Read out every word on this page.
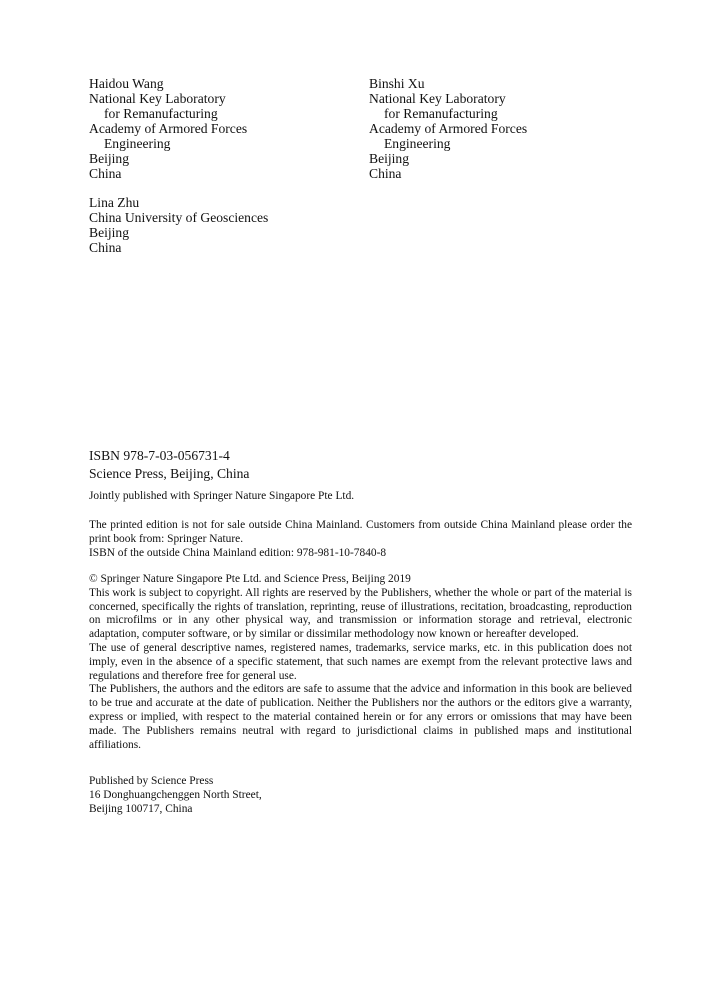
Haidou Wang
National Key Laboratory
for Remanufacturing
Academy of Armored Forces
Engineering
Beijing
China
Binshi Xu
National Key Laboratory
for Remanufacturing
Academy of Armored Forces
Engineering
Beijing
China
Lina Zhu
China University of Geosciences
Beijing
China
ISBN 978-7-03-056731-4
Science Press, Beijing, China
Jointly published with Springer Nature Singapore Pte Ltd.
The printed edition is not for sale outside China Mainland. Customers from outside China Mainland please order the print book from: Springer Nature.
ISBN of the outside China Mainland edition: 978-981-10-7840-8
© Springer Nature Singapore Pte Ltd. and Science Press, Beijing 2019
This work is subject to copyright. All rights are reserved by the Publishers, whether the whole or part of the material is concerned, specifically the rights of translation, reprinting, reuse of illustrations, recitation, broadcasting, reproduction on microfilms or in any other physical way, and transmission or information storage and retrieval, electronic adaptation, computer software, or by similar or dissimilar methodology now known or hereafter developed.
The use of general descriptive names, registered names, trademarks, service marks, etc. in this publication does not imply, even in the absence of a specific statement, that such names are exempt from the relevant protective laws and regulations and therefore free for general use.
The Publishers, the authors and the editors are safe to assume that the advice and information in this book are believed to be true and accurate at the date of publication. Neither the Publishers nor the authors or the editors give a warranty, express or implied, with respect to the material contained herein or for any errors or omissions that may have been made. The Publishers remains neutral with regard to jurisdictional claims in published maps and institutional affiliations.
Published by Science Press
16 Donghuangchenggen North Street,
Beijing 100717, China
